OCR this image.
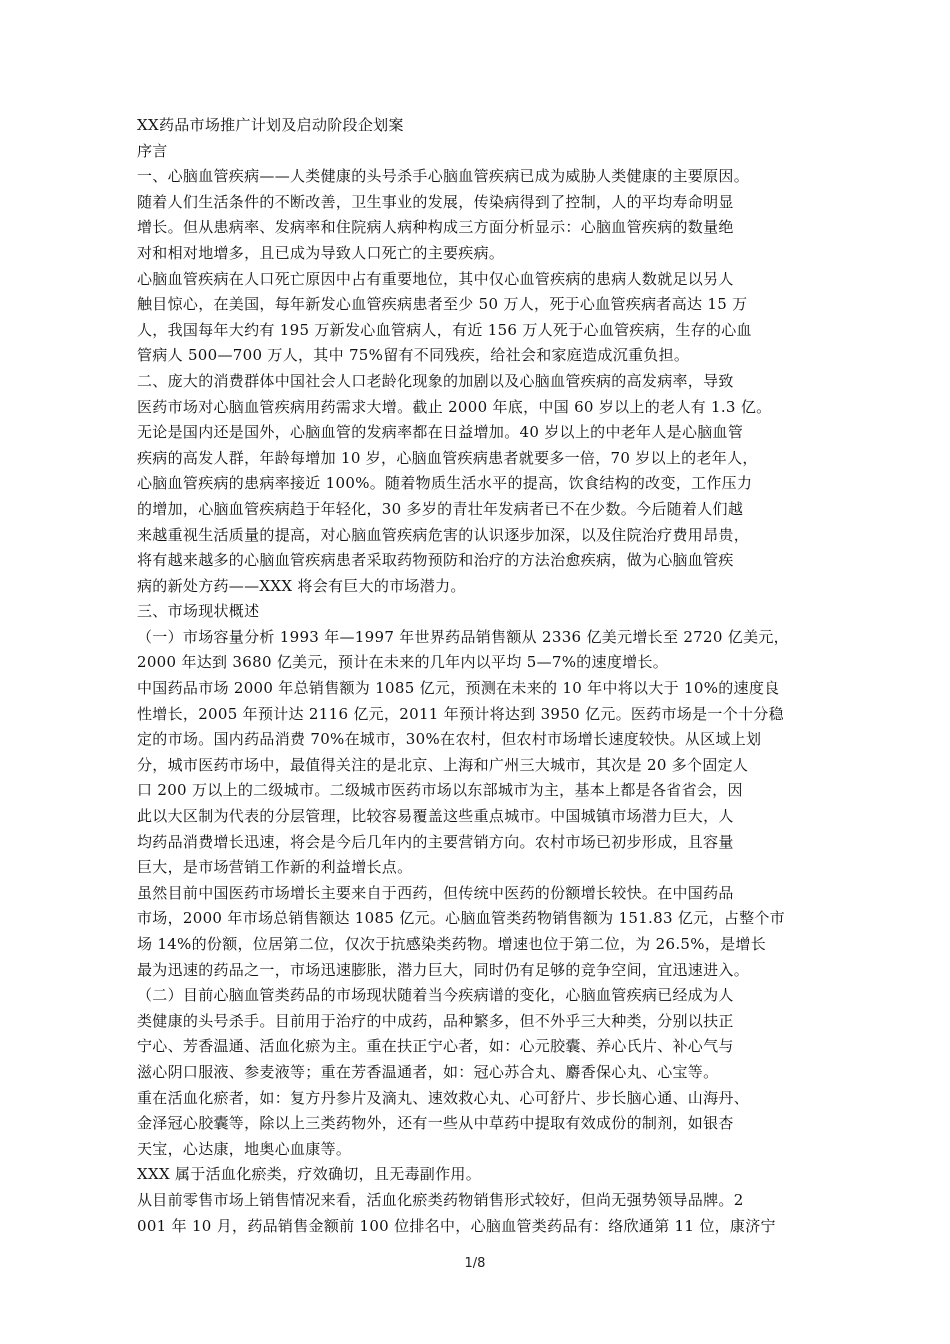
XX药品市场推广计划及启动阶段企划案
序言
一、心脑血管疾病——人类健康的头号杀手心脑血管疾病已成为威胁人类健康的主要原因。
随着人们生活条件的不断改善，卫生事业的发展，传染病得到了控制，人的平均寿命明显
增长。但从患病率、发病率和住院病人病种构成三方面分析显示：心脑血管疾病的数量绝
对和相对地增多，且已成为导致人口死亡的主要疾病。
心脑血管疾病在人口死亡原因中占有重要地位，其中仅心血管疾病的患病人数就足以另人
触目惊心，在美国，每年新发心血管疾病患者至少 50 万人，死于心血管疾病者高达 15 万
人，我国每年大约有 195 万新发心血管病人，有近 156 万人死于心血管疾病，生存的心血
管病人 500—700 万人，其中 75%留有不同残疾，给社会和家庭造成沉重负担。
二、庞大的消费群体中国社会人口老龄化现象的加剧以及心脑血管疾病的高发病率，导致
医药市场对心脑血管疾病用药需求大增。截止 2000 年底，中国 60 岁以上的老人有 1.3 亿。
无论是国内还是国外，心脑血管的发病率都在日益增加。40 岁以上的中老年人是心脑血管
疾病的高发人群，年龄每增加 10 岁，心脑血管疾病患者就要多一倍，70 岁以上的老年人，
心脑血管疾病的患病率接近 100%。随着物质生活水平的提高，饮食结构的改变，工作压力
的增加，心脑血管疾病趋于年轻化，30 多岁的青壮年发病者已不在少数。今后随着人们越
来越重视生活质量的提高，对心脑血管疾病危害的认识逐步加深，以及住院治疗费用昂贵，
将有越来越多的心脑血管疾病患者采取药物预防和治疗的方法治愈疾病，做为心脑血管疾
病的新处方药——XXX 将会有巨大的市场潜力。
三、市场现状概述
（一）市场容量分析 1993 年—1997 年世界药品销售额从 2336 亿美元增长至 2720 亿美元，
2000 年达到 3680 亿美元，预计在未来的几年内以平均 5—7%的速度增长。
中国药品市场 2000 年总销售额为 1085 亿元，预测在未来的 10 年中将以大于 10%的速度良
性增长，2005 年预计达 2116 亿元，2011 年预计将达到 3950 亿元。医药市场是一个十分稳
定的市场。国内药品消费 70%在城市，30%在农村，但农村市场增长速度较快。从区域上划
分，城市医药市场中，最值得关注的是北京、上海和广州三大城市，其次是 20 多个固定人
口 200 万以上的二级城市。二级城市医药市场以东部城市为主，基本上都是各省省会，因
此以大区制为代表的分层管理，比较容易覆盖这些重点城市。中国城镇市场潜力巨大，人
均药品消费增长迅速，将会是今后几年内的主要营销方向。农村市场已初步形成，且容量
巨大，是市场营销工作新的利益增长点。
虽然目前中国医药市场增长主要来自于西药，但传统中医药的份额增长较快。在中国药品
市场，2000 年市场总销售额达 1085 亿元。心脑血管类药物销售额为 151.83 亿元，占整个市
场 14%的份额，位居第二位，仅次于抗感染类药物。增速也位于第二位，为 26.5%，是增长
最为迅速的药品之一，市场迅速膨胀，潜力巨大，同时仍有足够的竞争空间，宜迅速进入。
（二）目前心脑血管类药品的市场现状随着当今疾病谱的变化，心脑血管疾病已经成为人
类健康的头号杀手。目前用于治疗的中成药，品种繁多，但不外乎三大种类，分别以扶正
宁心、芳香温通、活血化瘀为主。重在扶正宁心者，如：心元胶囊、养心氏片、补心气与
滋心阴口服液、参麦液等；重在芳香温通者，如：冠心苏合丸、麝香保心丸、心宝等。
重在活血化瘀者，如：复方丹参片及滴丸、速效救心丸、心可舒片、步长脑心通、山海丹、
金泽冠心胶囊等，除以上三类药物外，还有一些从中草药中提取有效成份的制剂，如银杏
天宝，心达康，地奥心血康等。
XXX 属于活血化瘀类，疗效确切，且无毒副作用。
从目前零售市场上销售情况来看，活血化瘀类药物销售形式较好，但尚无强势领导品牌。2
001 年 10 月，药品销售金额前 100 位排名中，心脑血管类药品有：络欣通第 11 位，康济宁
1/8
